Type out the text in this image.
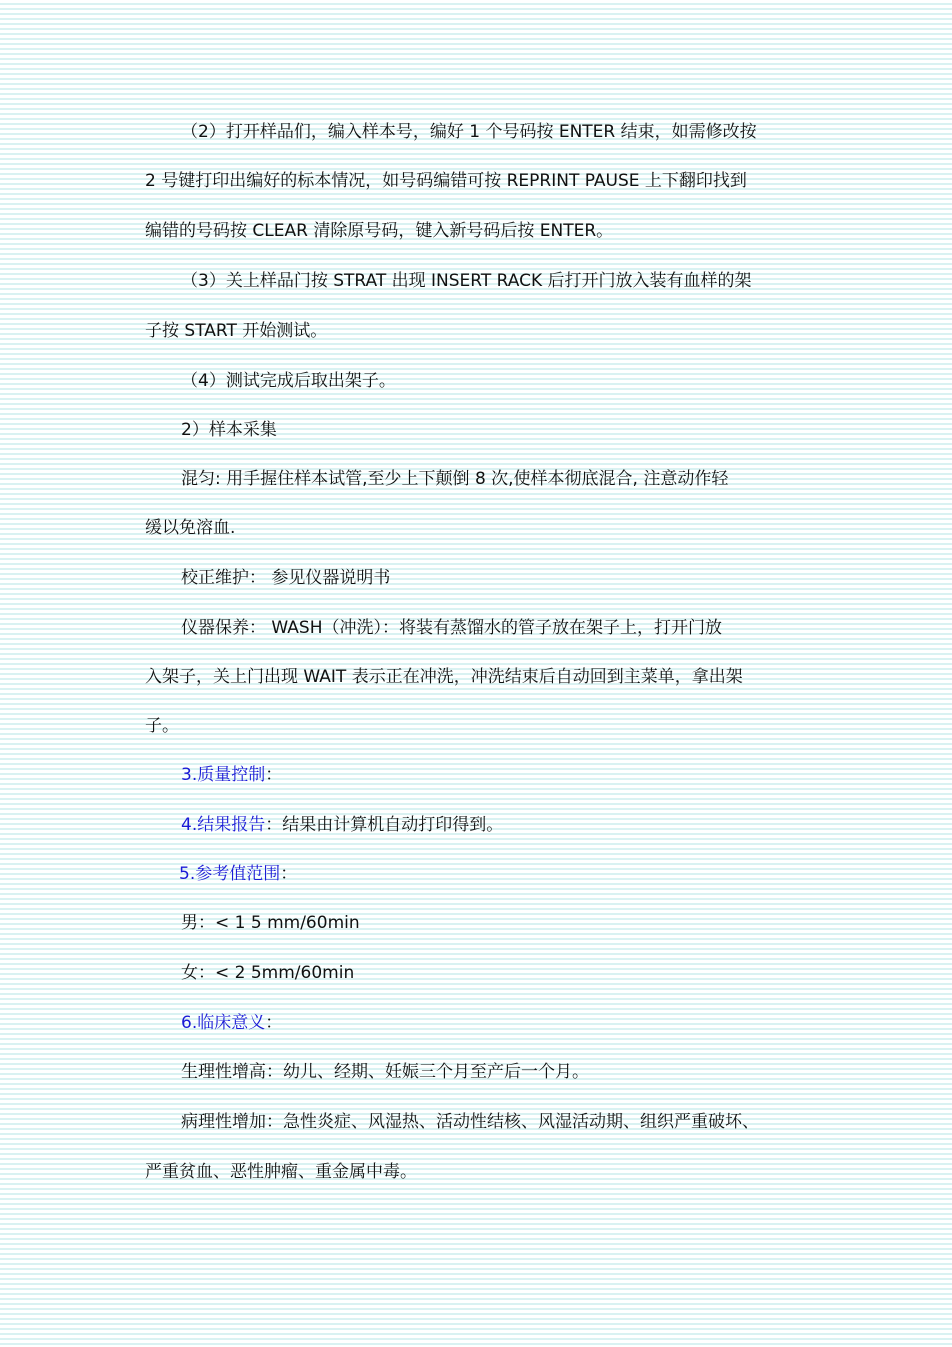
（2）打开样品们，编入样本号，编好 1 个号码按 ENTER 结束，如需修改按
2 号键打印出编好的标本情况，如号码编错可按 REPRINT PAUSE 上下翻印找到
编错的号码按 CLEAR 清除原号码，键入新号码后按 ENTER。
（3）关上样品门按 STRAT 出现 INSERT RACK 后打开门放入装有血样的架
子按 START 开始测试。
（4）测试完成后取出架子。
2）样本采集
混匀: 用手握住样本试管,至少上下颠倒 8 次,使样本彻底混合, 注意动作轻
缓以免溶血.
校正维护： 参见仪器说明书
仪器保养： WASH（冲洗）：将装有蒸馏水的管子放在架子上，打开门放
入架子，关上门出现 WAIT 表示正在冲洗，冲洗结束后自动回到主菜单，拿出架
子。
3.质量控制：
4.结果报告：结果由计算机自动打印得到。
5.参考值范围：
男：< 1 5 mm/60min
女：< 2 5mm/60min
6.临床意义：
生理性增高：幼儿、经期、妊娠三个月至产后一个月。
病理性增加：急性炎症、风湿热、活动性结核、风湿活动期、组织严重破坏、
严重贫血、恶性肿瘤、重金属中毒。
